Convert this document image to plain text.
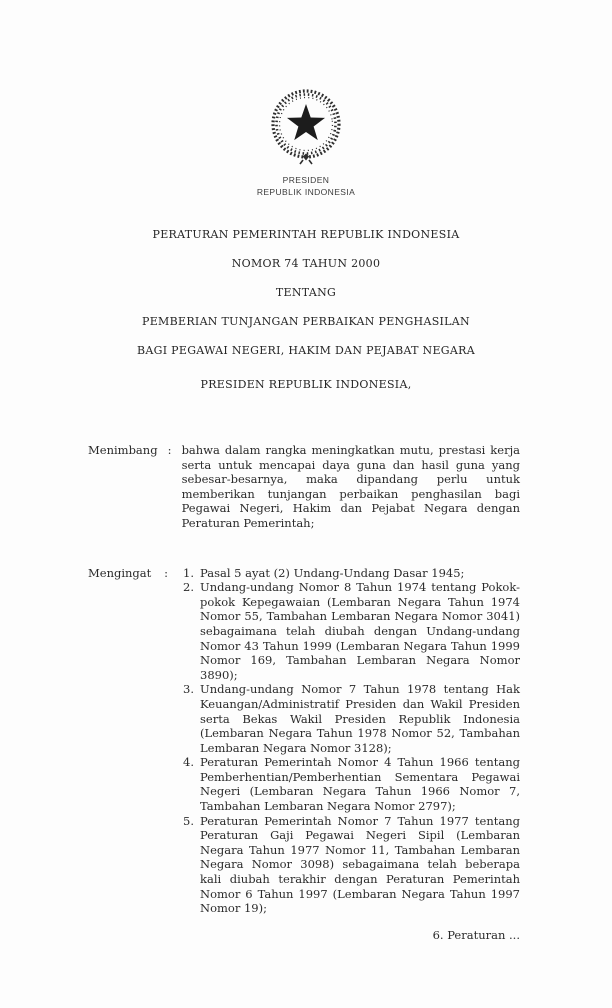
PRESIDEN
REPUBLIK INDONESIA
PERATURAN PEMERINTAH REPUBLIK INDONESIA
NOMOR 74 TAHUN 2000
TENTANG
PEMBERIAN TUNJANGAN PERBAIKAN PENGHASILAN
BAGI PEGAWAI NEGERI, HAKIM DAN PEJABAT NEGARA
PRESIDEN REPUBLIK INDONESIA,
Menimbang : bahwa dalam rangka meningkatkan mutu, prestasi kerja serta untuk mencapai daya guna dan hasil guna yang sebesar-besarnya, maka dipandang perlu untuk memberikan tunjangan perbaikan penghasilan bagi Pegawai Negeri, Hakim dan Pejabat Negara dengan Peraturan Pemerintah;
Mengingat	:	1. Pasal 5 ayat (2) Undang-Undang Dasar 1945;
2. Undang-undang Nomor 8 Tahun 1974 tentang Pokok-pokok Kepegawaian (Lembaran Negara Tahun 1974 Nomor 55, Tambahan Lembaran Negara Nomor 3041) sebagaimana telah diubah dengan Undang-undang Nomor 43 Tahun 1999 (Lembaran Negara Tahun 1999 Nomor 169, Tambahan Lembaran Negara Nomor 3890);
3. Undang-undang Nomor 7 Tahun 1978 tentang Hak Keuangan/Administratif Presiden dan Wakil Presiden serta Bekas Wakil Presiden Republik Indonesia (Lembaran Negara Tahun 1978 Nomor 52, Tambahan Lembaran Negara Nomor 3128);
4. Peraturan Pemerintah Nomor 4 Tahun 1966 tentang Pemberhentian/Pemberhentian Sementara Pegawai Negeri (Lembaran Negara Tahun 1966 Nomor 7, Tambahan Lembaran Negara Nomor 2797);
5. Peraturan Pemerintah Nomor 7 Tahun 1977 tentang Peraturan Gaji Pegawai Negeri Sipil (Lembaran Negara Tahun 1977 Nomor 11, Tambahan Lembaran Negara Nomor 3098) sebagaimana telah beberapa kali diubah terakhir dengan Peraturan Pemerintah Nomor 6 Tahun 1997 (Lembaran Negara Tahun 1997 Nomor 19);
6. Peraturan ...
